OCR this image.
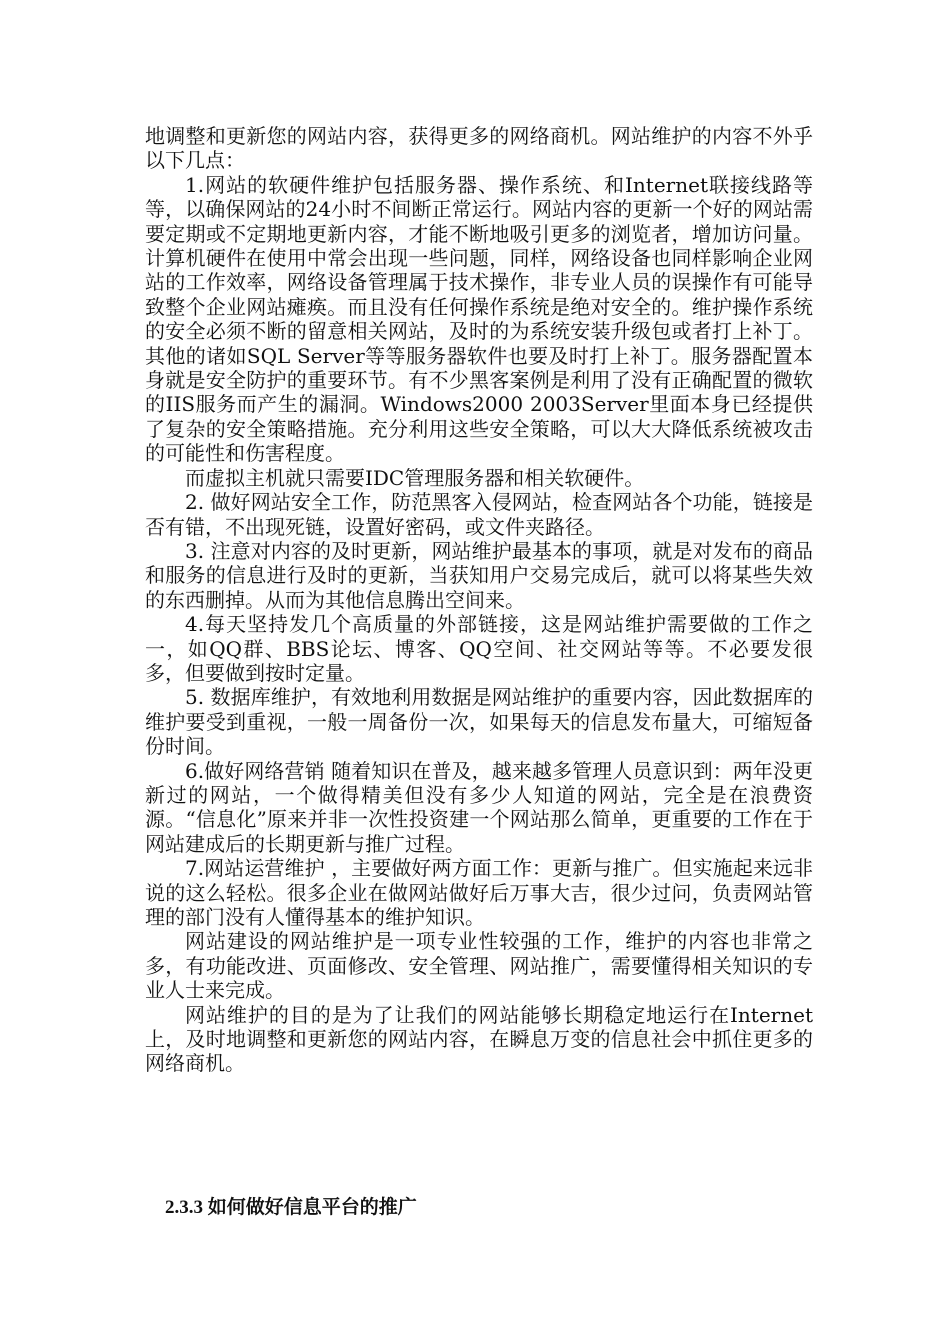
地调整和更新您的网站内容，获得更多的网络商机。网站维护的内容不外乎以下几点：

1.网站的软硬件维护包括服务器、操作系统、和Internet联接线路等等，以确保网站的24小时不间断正常运行。网站内容的更新一个好的网站需要定期或不定期地更新内容，才能不断地吸引更多的浏览者，增加访问量。计算机硬件在使用中常会出现一些问题，同样，网络设备也同样影响企业网站的工作效率，网络设备管理属于技术操作，非专业人员的误操作有可能导致整个企业网站瘫痪。而且没有任何操作系统是绝对安全的。维护操作系统的安全必须不断的留意相关网站，及时的为系统安装升级包或者打上补丁。其他的诸如SQL Server等等服务器软件也要及时打上补丁。服务器配置本身就是安全防护的重要环节。有不少黑客案例是利用了没有正确配置的微软的IIS服务而产生的漏洞。Windows2000 2003Server里面本身已经提供了复杂的安全策略措施。充分利用这些安全策略，可以大大降低系统被攻击的可能性和伤害程度。

而虚拟主机就只需要IDC管理服务器和相关软硬件。

2. 做好网站安全工作，防范黑客入侵网站，检查网站各个功能，链接是否有错，不出现死链，设置好密码，或文件夹路径。

3. 注意对内容的及时更新，网站维护最基本的事项，就是对发布的商品和服务的信息进行及时的更新，当获知用户交易完成后，就可以将某些失效的东西删掉。从而为其他信息腾出空间来。

4.每天坚持发几个高质量的外部链接，这是网站维护需要做的工作之一，如QQ群、BBS论坛、博客、QQ空间、社交网站等等。不必要发很多，但要做到按时定量。

5. 数据库维护，有效地利用数据是网站维护的重要内容，因此数据库的维护要受到重视，一般一周备份一次，如果每天的信息发布量大，可缩短备份时间。

6.做好网络营销 随着知识在普及，越来越多管理人员意识到：两年没更新过的网站，一个做得精美但没有多少人知道的网站，完全是在浪费资源。“信息化”原来并非一次性投资建一个网站那么简单，更重要的工作在于网站建成后的长期更新与推广过程。

7.网站运营维护 ，主要做好两方面工作：更新与推广。但实施起来远非说的这么轻松。很多企业在做网站做好后万事大吉，很少过问，负责网站管理的部门没有人懂得基本的维护知识。

网站建设的网站维护是一项专业性较强的工作，维护的内容也非常之多，有功能改进、页面修改、安全管理、网站推广，需要懂得相关知识的专业人士来完成。

网站维护的目的是为了让我们的网站能够长期稳定地运行在Internet上，及时地调整和更新您的网站内容，在瞬息万变的信息社会中抓住更多的网络商机。

2.3.3 如何做好信息平台的推广
